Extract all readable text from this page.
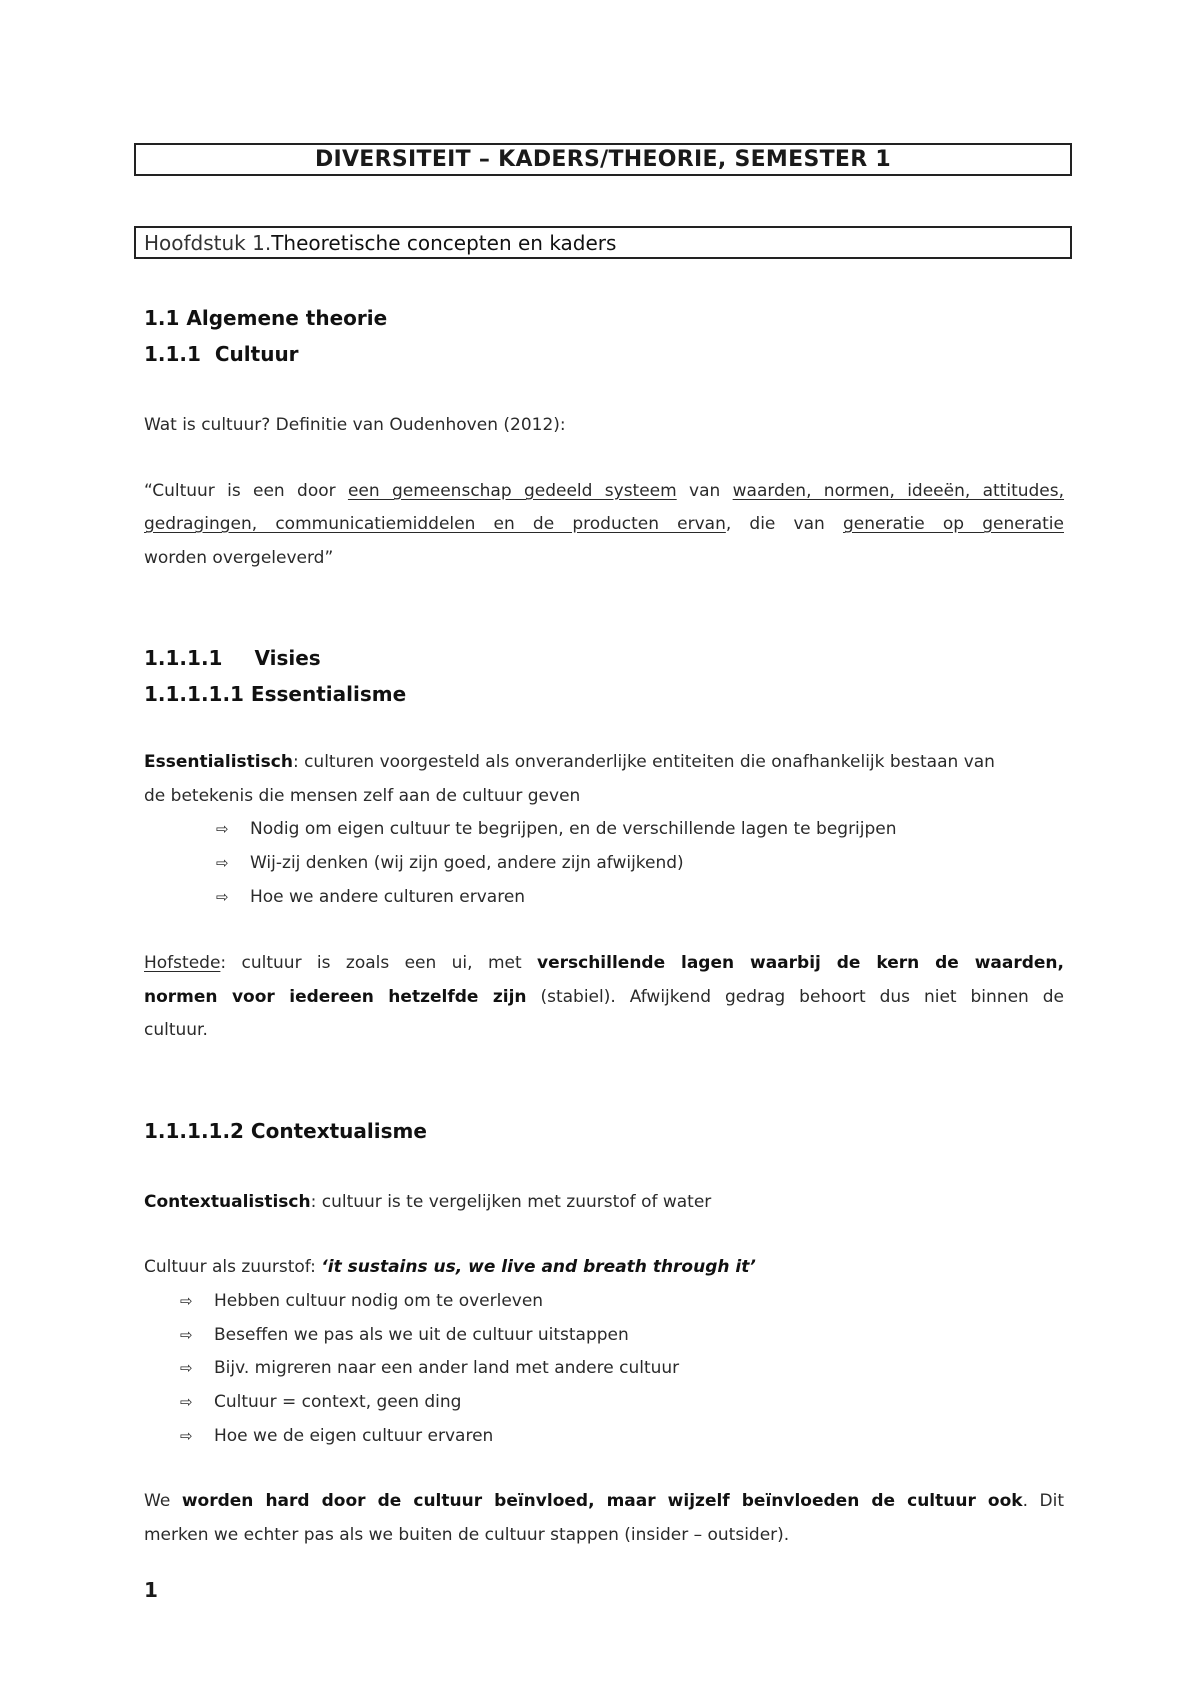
DIVERSITEIT – KADERS/THEORIE, SEMESTER 1
Hoofdstuk 1. Theoretische concepten en kaders
1.1 Algemene theorie
1.1.1  Cultuur
Wat is cultuur? Definitie van Oudenhoven (2012):
“Cultuur is een door een gemeenschap gedeeld systeem van waarden, normen, ideeën, attitudes,
gedragingen, communicatiemiddelen en de producten ervan, die van generatie op generatie
worden overgeleverd”
1.1.1.1 Visies
1.1.1.1.1 Essentialisme
Essentialistisch: culturen voorgesteld als onveranderlijke entiteiten die onafhankelijk bestaan van
de betekenis die mensen zelf aan de cultuur geven
⇨ Nodig om eigen cultuur te begrijpen, en de verschillende lagen te begrijpen
⇨ Wij-zij denken (wij zijn goed, andere zijn afwijkend)
⇨ Hoe we andere culturen ervaren
Hofstede: cultuur is zoals een ui, met verschillende lagen waarbij de kern de waarden,
normen voor iedereen hetzelfde zijn (stabiel). Afwijkend gedrag behoort dus niet binnen de
cultuur.
1.1.1.1.2 Contextualisme
Contextualistisch: cultuur is te vergelijken met zuurstof of water
Cultuur als zuurstof: ‘it sustains us, we live and breath through it’
⇨ Hebben cultuur nodig om te overleven
⇨ Beseffen we pas als we uit de cultuur uitstappen
⇨ Bijv. migreren naar een ander land met andere cultuur
⇨ Cultuur = context, geen ding
⇨ Hoe we de eigen cultuur ervaren
We worden hard door de cultuur beïnvloed, maar wijzelf beïnvloeden de cultuur ook. Dit
merken we echter pas als we buiten de cultuur stappen (insider – outsider).
1
